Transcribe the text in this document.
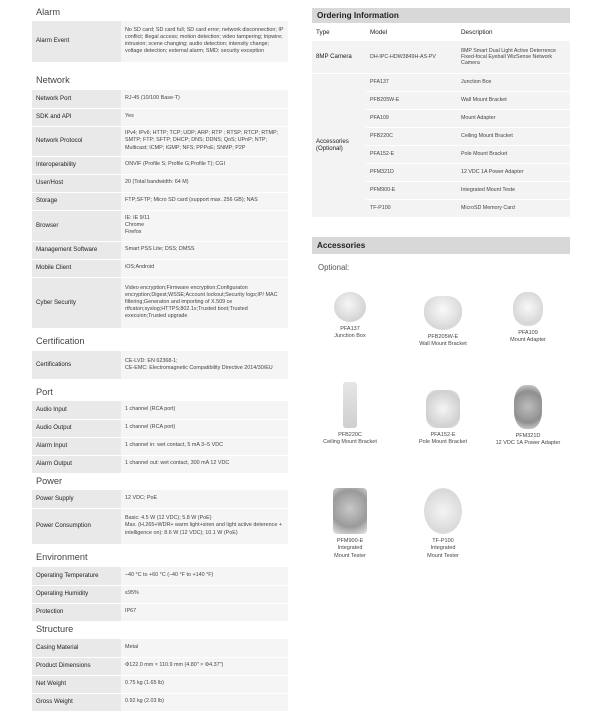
Alarm
Alarm Event	No SD card; SD card full; SD card error; network disconnection; IP conflict; illegal access; motion detection; video tampering; tripwire; intrusion; scene changing; audio detection; intensity change; voltage detection; external alarm; SMD; security exception
Network
Network Port	RJ-45 (10/100 Base-T)
SDK and API	Yes
Network Protocol	IPv4; IPv6; HTTP; TCP; UDP; ARP; RTP ; RTSP; RTCP; RTMP; SMTP; FTP; SFTP; DHCP; DNS; DDNS; QoS; UPnP; NTP; Multicast; ICMP; IGMP; NFS; PPPoE; SNMP; P2P
Interoperability	ONVIF (Profile S; Profile G;Profile T); CGI
User/Host	20 (Total bandwidth: 64 M)
Storage	FTP;SFTP; Micro SD card (support max. 256 GB); NAS
Browser	IE: IE 9/11
Chrome
Firefox
Management Software	Smart PSS Lite; DSS; DMSS
Mobile Client	iOS;Android
Cyber Security	Video encryption;Firmware encryption;Configuraton encryption;Digest;WSSE;Account lockout;Security logs;IP/ MAC filtering;Generaton and importing of X.509 ce rtfcaton;syslog;HTTPS;802.1x;Trusted boot;Trusted execuion;Trusted upgrade
Certification
Certifications	CE-LVD: EN 62368-1;
CE-EMC: Electromagnetic Compatibility Directive 2014/30/EU
Port
Audio Input	1 channel (RCA port)
Audio Output	1 channel (RCA port)
Alarm Input	1 channel in: wet contact, 5 mA 3–5 VDC
Alarm Output	1 channel out: wet contact, 300 mA 12 VDC
Power
Power Supply	12 VDC; PoE
Power Consumption	Basic: 4.5 W (12 VDC); 5.8 W (PoE)
Max. (H.265+WDR+ warm light+siren and light active deterence + intelligence on): 8.6 W (12 VDC); 10.1 W (PoE)
Environment
Operating Temperature	–40 °C to +60 °C (–40 °F to +140 °F)
Operating Humidity	≤95%
Protection	IP67
Structure
Casing Material	Metal
Product Dimensions	Φ122.0 mm × 110.9 mm (4.80" × Φ4.37")
Net Weight	0.75 kg (1.65 lb)
Gross Weight	0.92 kg (2.03 lb)
Ordering Information
Type	Model	Description
8MP Camera	DH-IPC-HDW3849H-AS-PV	8MP Smart Dual Light Active Deterrence Fixed-focal Eyeball WizSense Network Camera
Accessories (Optional)	PFA137	Junction Box
	PFB205W-E	Wall Mount Bracket
	PFA109	Mount Adapter
	PFB220C	Ceiling Mount Bracket
	PFA152-E	Pole Mount Bracket
	PFM321D	12 VDC 1A Power Adapter
	PFM900-E	Integrated Mount Teste
	TF-P100	MicroSD Memory Card
Accessories
Optional:
PFA137
Junction Box	PFB205W-E
Wall Mount Bracket
PFA109
Mount Adapter
PFB220C
Ceiling Mount Bracket
PFA152-E
Pole Mount Bracket
PFM321D
12 VDC 1A Power Adapter
PFM900-E
Integrated
Mount Tester
TF-P100
Integrated
Mount Tester
